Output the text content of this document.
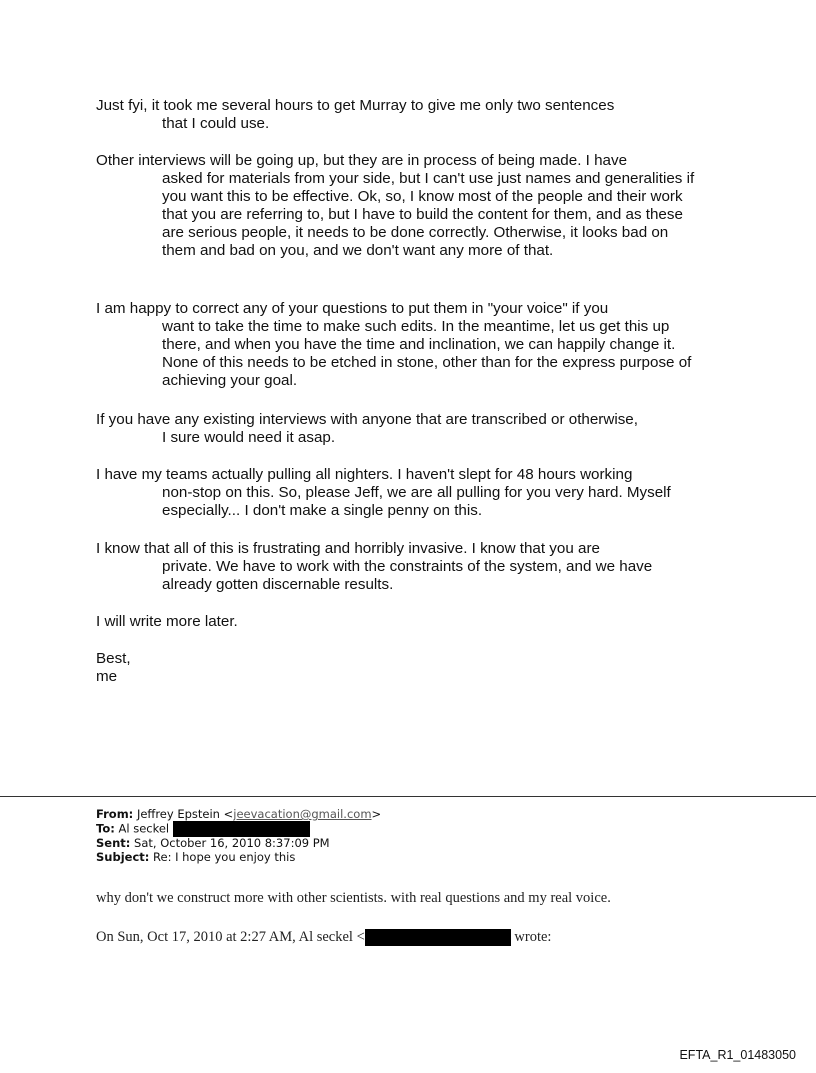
Just fyi, it took me several hours to get Murray to give me only two sentences
that I could use.
Other interviews will be going up, but they are in process of being made. I have
asked for materials from your side, but I can't use just names and generalities if you want this to be effective. Ok, so, I know most of the people and their work that you are referring to, but I have to build the content for them, and as these are serious people, it needs to be done correctly. Otherwise, it looks bad on them and bad on you, and we don't want any more of that.
I am happy to correct any of your questions to put them in "your voice" if you
want to take the time to make such edits. In the meantime, let us get this up there, and when you have the time and inclination, we can happily change it. None of this needs to be etched in stone, other than for the express purpose of achieving your goal.
If you have any existing interviews with anyone that are transcribed or otherwise,
I sure would need it asap.
I have my teams actually pulling all nighters. I haven't slept for 48 hours working
non-stop on this. So, please Jeff, we are all pulling for you very hard. Myself especially... I don't make a single penny on this.
I know that all of this is frustrating and horribly invasive. I know that you are
private. We have to work with the constraints of the system, and we have already gotten discernable results.
I will write more later.
Best,
me
From: Jeffrey Epstein <jeevacation@gmail.com>
To: Al seckel
Sent: Sat, October 16, 2010 8:37:09 PM
Subject: Re: I hope you enjoy this
why don't we construct more with other scientists. with real questions and my real voice.
On Sun, Oct 17, 2010 at 2:27 AM, Al seckel <	wrote:
EFTA_R1_01483050
